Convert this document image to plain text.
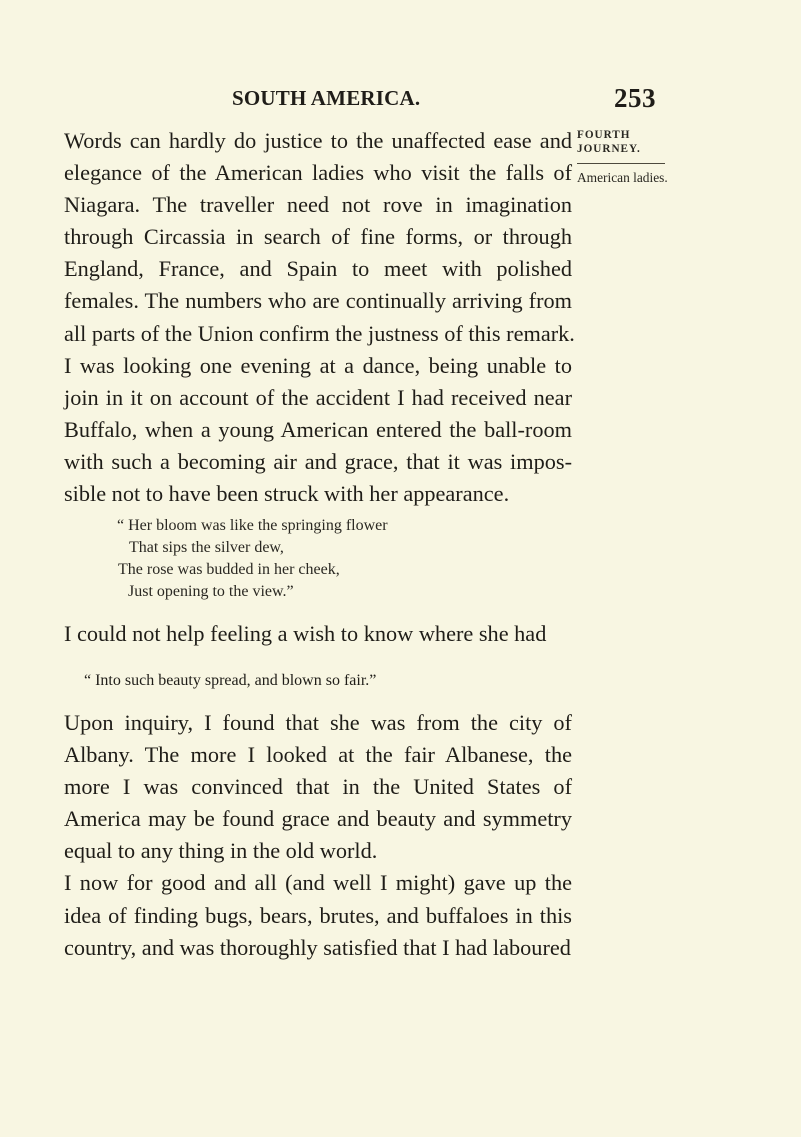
SOUTH AMERICA.	253
FOURTH JOURNEY.
American ladies.
Words can hardly do justice to the unaffected ease and
elegance of the American ladies who visit the falls of
Niagara. The traveller need not rove in imagination
through Circassia in search of fine forms, or through
England, France, and Spain to meet with polished
females. The numbers who are continually arriving from
all parts of the Union confirm the justness of this remark.
I was looking one evening at a dance, being unable to
join in it on account of the accident I had received near
Buffalo, when a young American entered the ball-room
with such a becoming air and grace, that it was impos-
sible not to have been struck with her appearance.
“ Her bloom was like the springing flower
That sips the silver dew,
The rose was budded in her cheek,
Just opening to the view.”
I could not help feeling a wish to know where she had
“ Into such beauty spread, and blown so fair.”
Upon inquiry, I found that she was from the city of
Albany. The more I looked at the fair Albanese, the
more I was convinced that in the United States of
America may be found grace and beauty and symmetry
equal to any thing in the old world.
I now for good and all (and well I might) gave up the
idea of finding bugs, bears, brutes, and buffaloes in this
country, and was thoroughly satisfied that I had laboured
